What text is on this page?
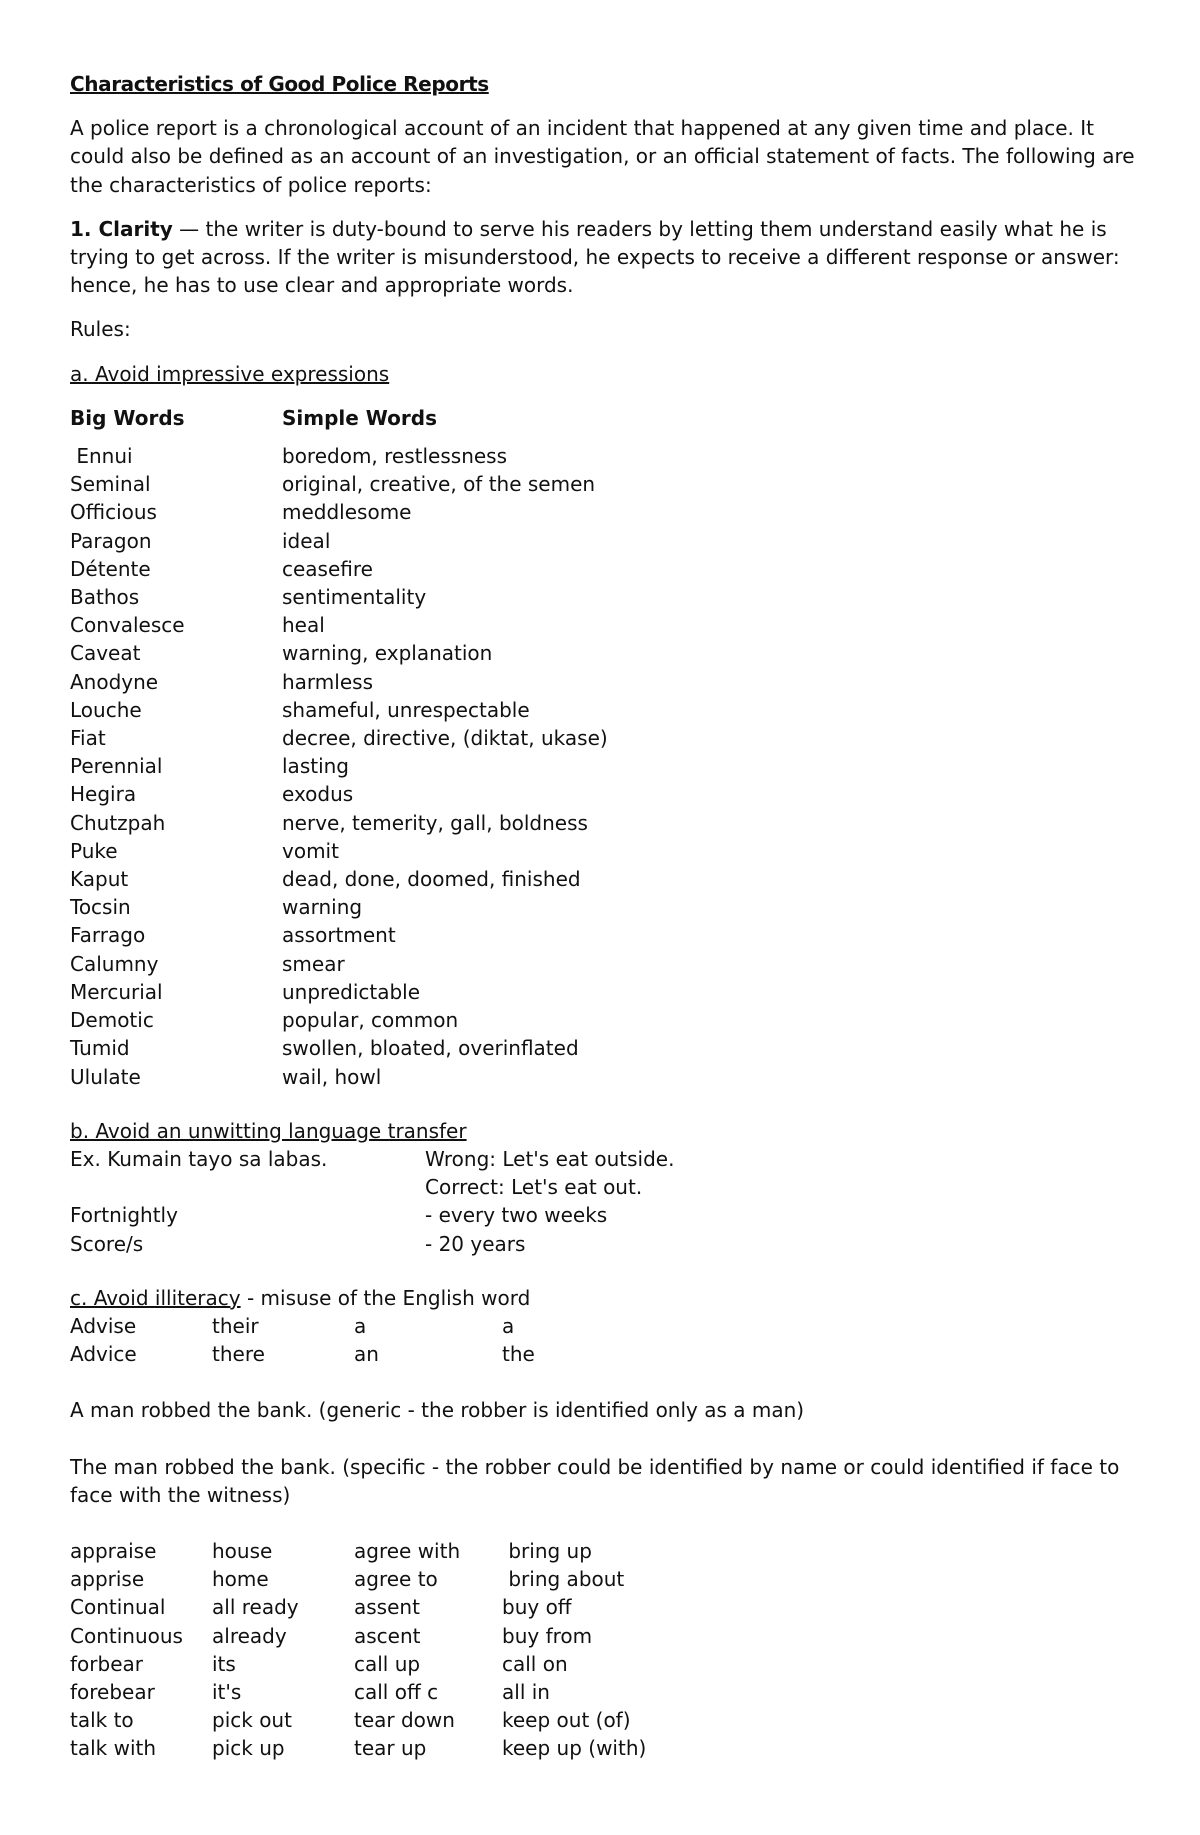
Characteristics of Good Police Reports

A police report is a chronological account of an incident that happened at any given time and place. It could also be defined as an account of an investigation, or an official statement of facts. The following are the characteristics of police reports:

1. Clarity — the writer is duty-bound to serve his readers by letting them understand easily what he is trying to get across. If the writer is misunderstood, he expects to receive a different response or answer: hence, he has to use clear and appropriate words.

Rules:

a. Avoid impressive expressions

Big Words	Simple Words
Ennui	boredom, restlessness
Seminal	original, creative, of the semen
Officious	meddlesome
Paragon	ideal
Détente	ceasefire
Bathos	sentimentality
Convalesce	heal
Caveat	warning, explanation
Anodyne	harmless
Louche	shameful, unrespectable
Fiat	decree, directive, (diktat, ukase)
Perennial	lasting
Hegira	exodus
Chutzpah	nerve, temerity, gall, boldness
Puke	vomit
Kaput	dead, done, doomed, finished
Tocsin	warning
Farrago	assortment
Calumny	smear
Mercurial	unpredictable
Demotic	popular, common
Tumid	swollen, bloated, overinflated
Ululate	wail, howl

b. Avoid an unwitting language transfer

Ex. Kumain tayo sa labas.	Wrong: Let's eat outside.
Correct: Let's eat out.
Fortnightly	- every two weeks
Score/s	- 20 years

c. Avoid illiteracy - misuse of the English word

Advise	their	a	a
Advice	there	an	the

A man robbed the bank. (generic - the robber is identified only as a man)

The man robbed the bank. (specific - the robber could be identified by name or could identified if face to face with the witness)

appraise	house	agree with	bring up
apprise	home	agree to	bring about
Continual	all ready	assent	buy off
Continuous	already	ascent	buy from
forbear	its	call up	call on
forebear	it's	call off c	all in
talk to	pick out	tear down	keep out (of)
talk with	pick up	tear up	keep up (with)
